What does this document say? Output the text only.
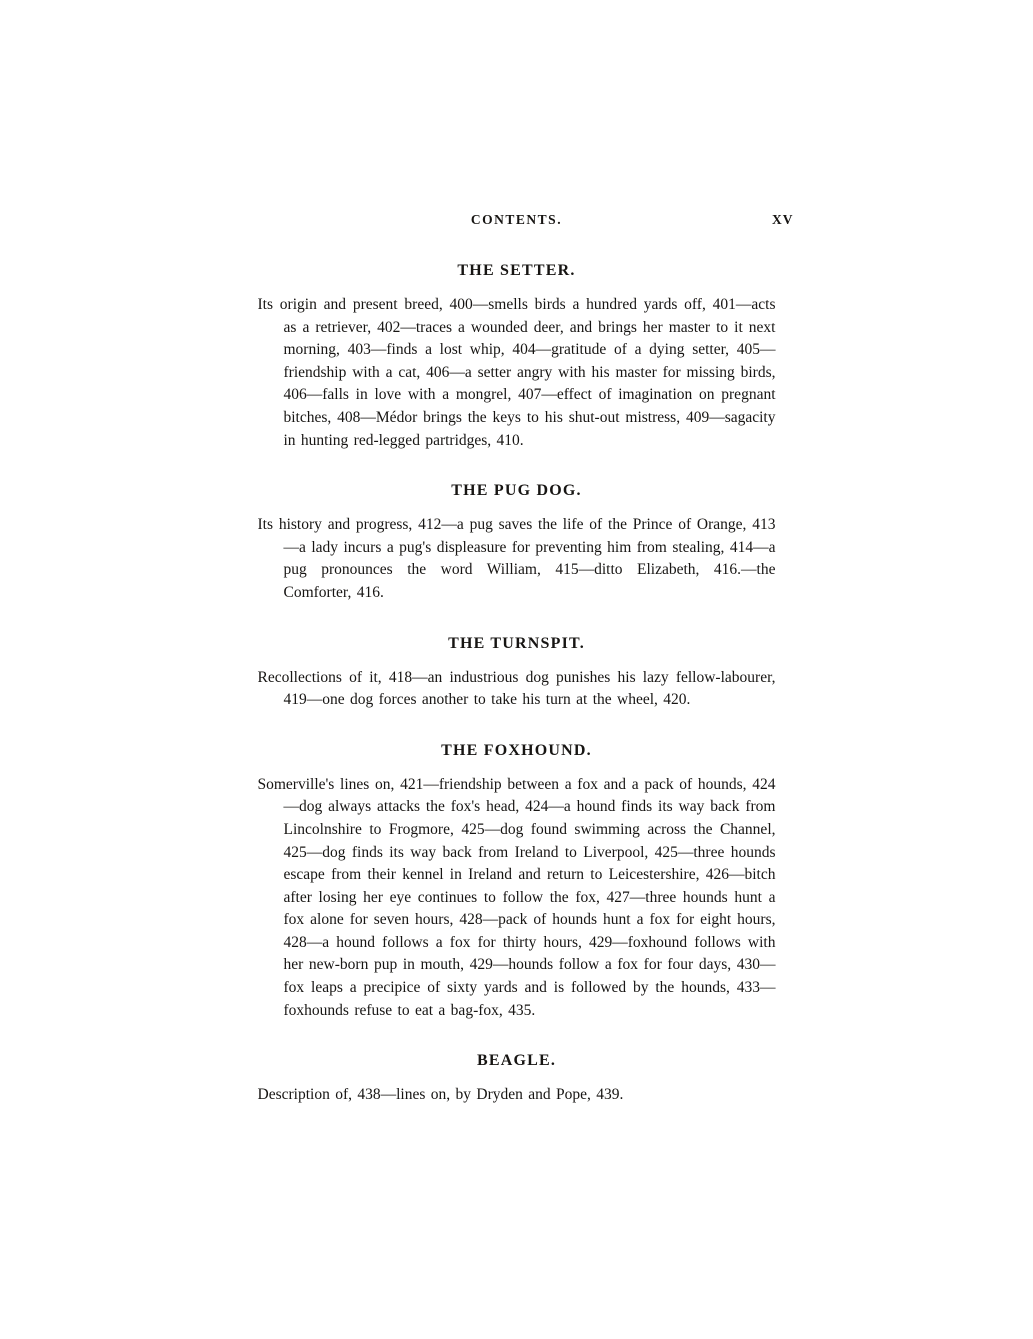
CONTENTS.	XV
THE SETTER.

Its origin and present breed, 400—smells birds a hundred yards off, 401—acts as a retriever, 402—traces a wounded deer, and brings her master to it next morning, 403—finds a lost whip, 404—gratitude of a dying setter, 405—friendship with a cat, 406—a setter angry with his master for missing birds, 406—falls in love with a mongrel, 407—effect of imagination on pregnant bitches, 408—Médor brings the keys to his shut-out mistress, 409—sagacity in hunting red-legged partridges, 410.

THE PUG DOG.

Its history and progress, 412—a pug saves the life of the Prince of Orange, 413—a lady incurs a pug's displeasure for preventing him from stealing, 414—a pug pronounces the word William, 415—ditto Elizabeth, 416.—the Comforter, 416.

THE TURNSPIT.

Recollections of it, 418—an industrious dog punishes his lazy fellow-labourer, 419—one dog forces another to take his turn at the wheel, 420.

THE FOXHOUND.

Somerville's lines on, 421—friendship between a fox and a pack of hounds, 424—dog always attacks the fox's head, 424—a hound finds its way back from Lincolnshire to Frogmore, 425—dog found swimming across the Channel, 425—dog finds its way back from Ireland to Liverpool, 425—three hounds escape from their kennel in Ireland and return to Leicestershire, 426—bitch after losing her eye continues to follow the fox, 427—three hounds hunt a fox alone for seven hours, 428—pack of hounds hunt a fox for eight hours, 428—a hound follows a fox for thirty hours, 429—foxhound follows with her new-born pup in mouth, 429—hounds follow a fox for four days, 430—fox leaps a precipice of sixty yards and is followed by the hounds, 433—foxhounds refuse to eat a bag-fox, 435.

BEAGLE.

Description of, 438—lines on, by Dryden and Pope, 439.
